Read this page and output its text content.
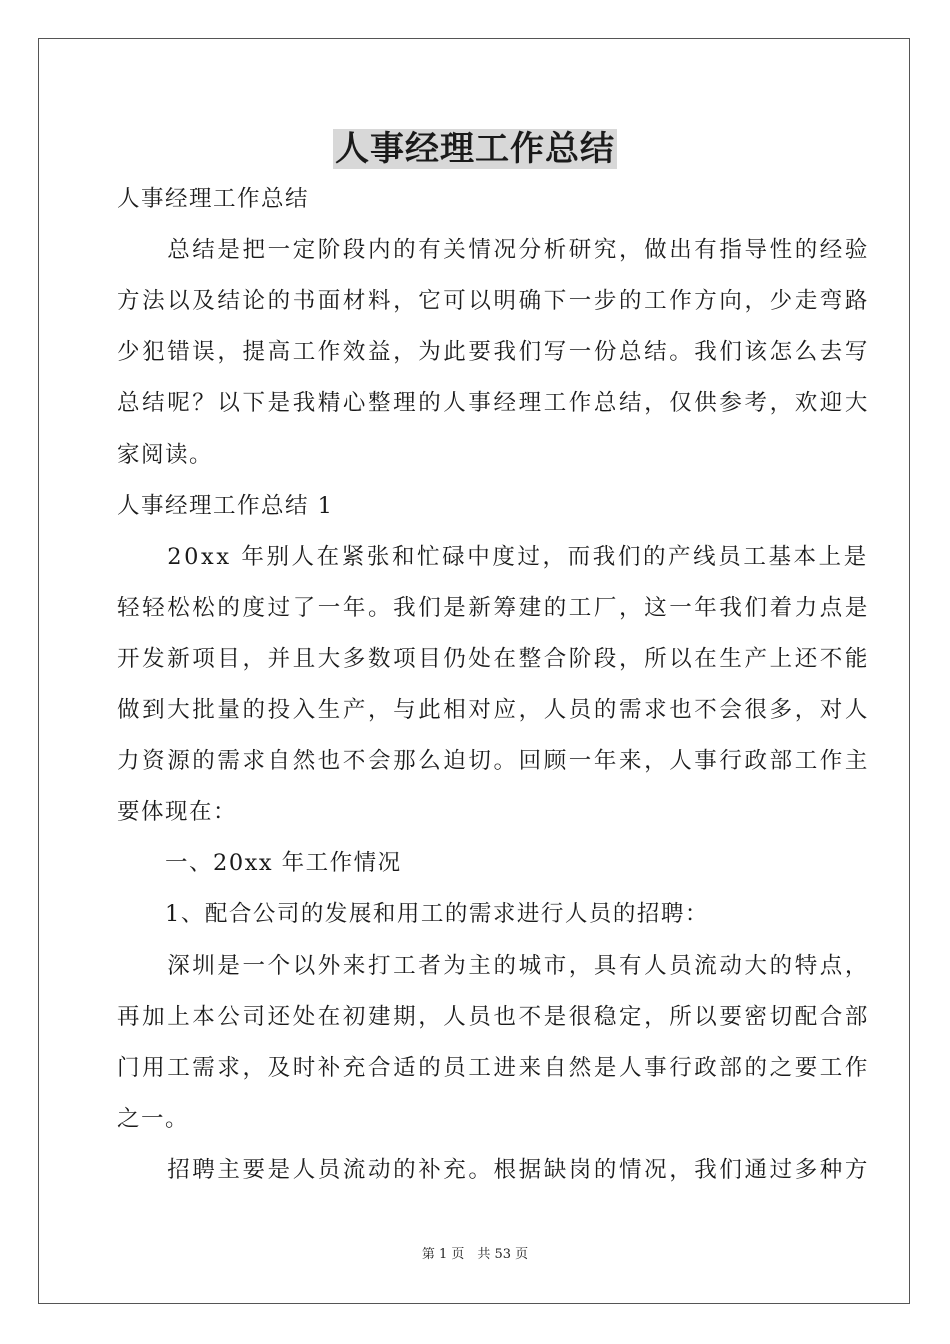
人事经理工作总结
人事经理工作总结
　　总结是把一定阶段内的有关情况分析研究，做出有指导性的经验
方法以及结论的书面材料，它可以明确下一步的工作方向，少走弯路
少犯错误，提高工作效益，为此要我们写一份总结。我们该怎么去写
总结呢？以下是我精心整理的人事经理工作总结，仅供参考，欢迎大
家阅读。
人事经理工作总结 1
　　20xx 年别人在紧张和忙碌中度过，而我们的产线员工基本上是
轻轻松松的度过了一年。我们是新筹建的工厂，这一年我们着力点是
开发新项目，并且大多数项目仍处在整合阶段，所以在生产上还不能
做到大批量的投入生产，与此相对应，人员的需求也不会很多，对人
力资源的需求自然也不会那么迫切。回顾一年来，人事行政部工作主
要体现在：
　　一、20xx 年工作情况
　　1、配合公司的发展和用工的需求进行人员的招聘：
　　深圳是一个以外来打工者为主的城市，具有人员流动大的特点，
再加上本公司还处在初建期，人员也不是很稳定，所以要密切配合部
门用工需求，及时补充合适的员工进来自然是人事行政部的之要工作
之一。
　　招聘主要是人员流动的补充。根据缺岗的情况，我们通过多种方
第 1 页　共 53 页
